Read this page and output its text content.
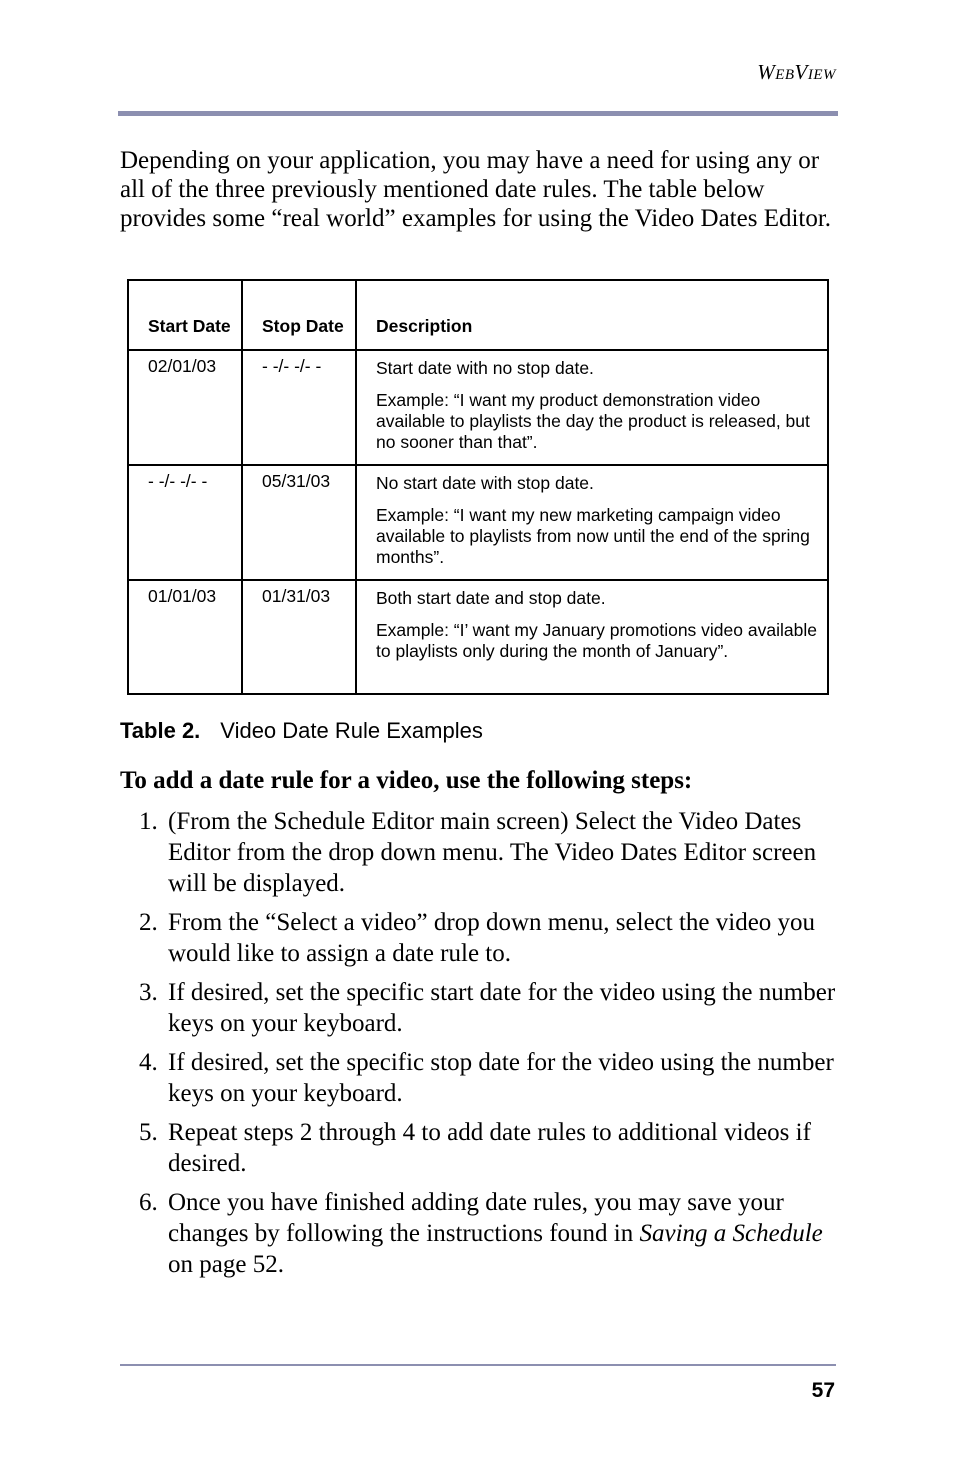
WEBVIEW

Depending on your application, you may have a need for using any or all of the three previously mentioned date rules. The table below provides some “real world” examples for using the Video Dates Editor.

Start Date	Stop Date	Description
02/01/03	- -/- -/- -	Start date with no stop date.
Example: “I want my product demonstration video available to playlists the day the product is released, but no sooner than that”.

- -/- -/- -	05/31/03	No start date with stop date.
Example: “I want my new marketing campaign video available to playlists from now until the end of the spring months”.

01/01/03	01/31/03	Both start date and stop date.
Example: “I’ want my January promotions video available to playlists only during the month of January”.
Table 2. Video Date Rule Examples

To add a date rule for a video, use the following steps:

1. (From the Schedule Editor main screen) Select the Video Dates Editor from the drop down menu. The Video Dates Editor screen will be displayed.
2. From the “Select a video” drop down menu, select the video you would like to assign a date rule to.
3. If desired, set the specific start date for the video using the number keys on your keyboard.
4. If desired, set the specific stop date for the video using the number keys on your keyboard.
5. Repeat steps 2 through 4 to add date rules to additional videos if desired.
6. Once you have finished adding date rules, you may save your changes by following the instructions found in Saving a Schedule on page 52.
57
